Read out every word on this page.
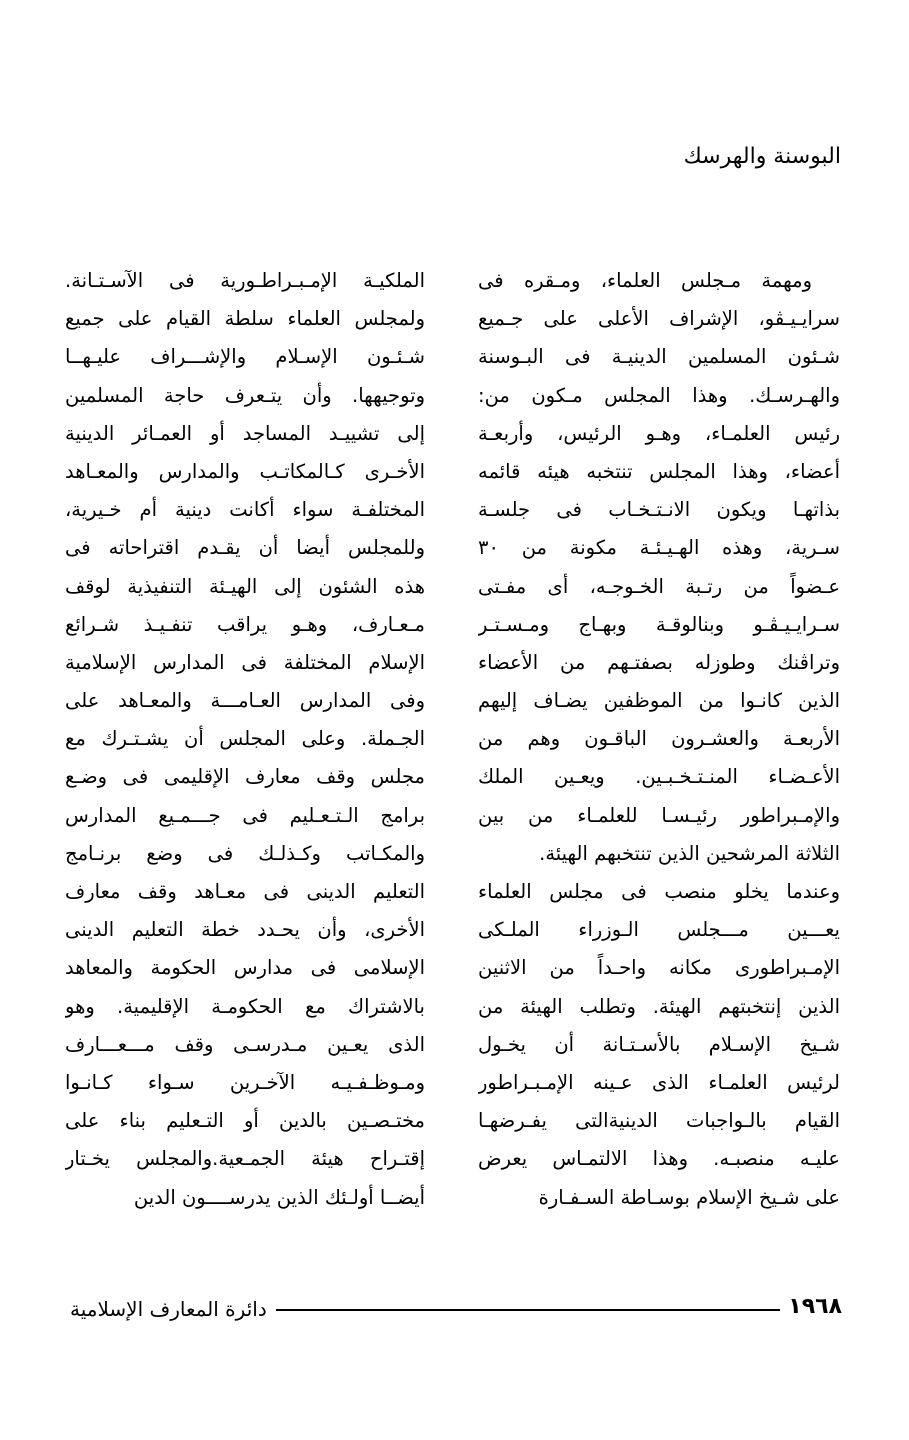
البوسنة والهرسك
ومهمة مـجلس العلماء، ومـقره فى
سرايـيـڤو، الإشراف الأعلى على جـميع
شـئون المسلمين الدينيـة فى البـوسنة
والهـرسـك. وهذا المجلس مـكون من:
رئيس العلمـاء، وهـو الرئيس، وأربعـة
أعضاء، وهذا المجلس تنتخبه هيئه قائمه
بذاتهـا ويكون الانـتـخـاب فى جلسـة
سـرية، وهذه الهـيـئـة مكونة من ٣٠
عـضواً من رتـبة الخـوجـه، أى مفـتى
سـرايـيـڤـو وبنالوقـة وبهـاج ومـسـتـر
وتراڤنك وطوزله بصفتـهم من الأعضاء
الذين كانـوا من الموظفين يضـاف إليهم
الأربعـة والعشـرون الباقـون وهم من
الأعـضـاء المنـتـخـبـين. ويعـين الملك
والإمـبراطور رئيـسـا للعلمـاء من بين
الثلاثة المرشحين الذين تنتخبهم الهيئة.
وعندما يخلو منصب فى مجلس العلماء
يعـــين مـــجلس الـوزراء الملـكى
الإمـبراطورى مكانه واحـداً من الاثنين
الذين إنتخبتهم الهيئة. وتطلب الهيئة من
شـيخ الإسـلام بالأسـتـانة أن يخـول
لرئيس العلمـاء الذى عـينه الإمـبـراطور
القيام بالـواجبات الدينيةالتى يفـرضهـا
عليـه منصبـه. وهذا الالتمـاس يعرض
على شـيخ الإسلام بوسـاطة السـفـارة
الملكيـة الإمـبـراطـورية فى الآسـتـانة.
ولمجلس العلماء سلطة القيام على جميع
شـئـون الإسـلام والإشـــراف عليـهــا
وتوجيهها. وأن يتـعرف حاجة المسلمين
إلى تشييـد المساجد أو العمـائر الدينية
الأخـرى كـالمكاتـب والمدارس والمعـاهد
المختلفـة سواء أكانت دينية أم خـيرية،
وللمجلس أيضا أن يقـدم اقتراحاته فى
هذه الشئون إلى الهيـئة التنفيذية لوقف
مـعـارف، وهـو يراقب تنفـيـذ شـرائع
الإسلام المختلفة فى المدارس الإسلامية
وفى المدارس العـامـــة والمعـاهد على
الجـملة. وعلى المجلس أن يشـتـرك مع
مجلس وقف معارف الإقليمى فى وضـع
برامج الـتـعـليم فى جـــمـيع المدارس
والمكـاتب وكـذلـك فى وضع برنـامج
التعليم الدينى فى معـاهد وقف معارف
الأخرى، وأن يحـدد خطة التعليم الدينى
الإسلامى فى مدارس الحكومة والمعاهد
بالاشتراك مع الحكومـة الإقليمية. وهو
الذى يعـين مـدرسـى وقف مـــعـــارف
ومـوظـفـيـه الآخـرين سـواء كـانـوا
مختـصـين بالدين أو التـعليم بناء على
إقتـراح هيئة الجمـعية.والمجلس يخـتار
أيضــا أولـئك الذين يدرســــون الدين
١٩٦٨
دائرة المعارف الإسلامية
